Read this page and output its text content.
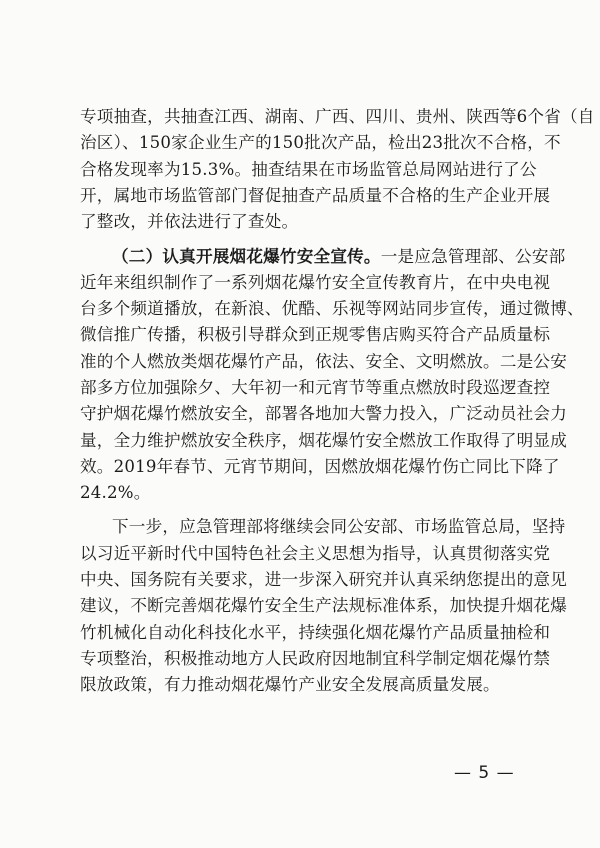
专项抽查，共抽查江西、湖南、广西、四川、贵州、陕西等6个省（自
治区）、150家企业生产的150批次产品，检出23批次不合格，不
合格发现率为15.3%。抽查结果在市场监管总局网站进行了公
开，属地市场监管部门督促抽查产品质量不合格的生产企业开展
了整改，并依法进行了查处。
（二）认真开展烟花爆竹安全宣传。一是应急管理部、公安部
近年来组织制作了一系列烟花爆竹安全宣传教育片，在中央电视
台多个频道播放，在新浪、优酷、乐视等网站同步宣传，通过微博、
微信推广传播，积极引导群众到正规零售店购买符合产品质量标
准的个人燃放类烟花爆竹产品，依法、安全、文明燃放。二是公安
部多方位加强除夕、大年初一和元宵节等重点燃放时段巡逻查控
守护烟花爆竹燃放安全，部署各地加大警力投入，广泛动员社会力
量，全力维护燃放安全秩序，烟花爆竹安全燃放工作取得了明显成
效。2019年春节、元宵节期间，因燃放烟花爆竹伤亡同比下降了
24.2%。
下一步，应急管理部将继续会同公安部、市场监管总局，坚持
以习近平新时代中国特色社会主义思想为指导，认真贯彻落实党
中央、国务院有关要求，进一步深入研究并认真采纳您提出的意见
建议，不断完善烟花爆竹安全生产法规标准体系，加快提升烟花爆
竹机械化自动化科技化水平，持续强化烟花爆竹产品质量抽检和
专项整治，积极推动地方人民政府因地制宜科学制定烟花爆竹禁
限放政策，有力推动烟花爆竹产业安全发展高质量发展。
— 5 —
